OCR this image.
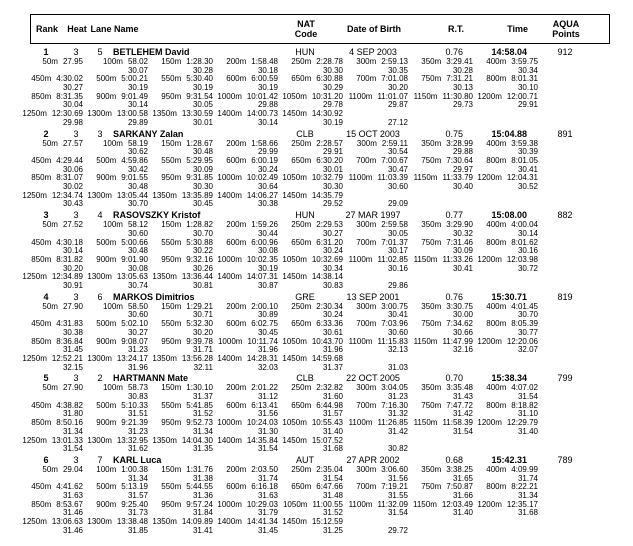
Rank	Heat Lane Name	NAT
Code	Date of Birth	R.T.	Time	AQUA
Points
1	3	5	BETLEHEM David	HUN	4 SEP 2003	0.76	14:58.04	912
50m 27.95 100m 58.02 150m 1:28.30 200m 1:58.48 250m 2:28.78 300m 2:59.13 350m 3:29.41 400m 3:59.75
30.07	30.28	30.18	30.30	30.35	30.28	30.34
450m 4:30.02 500m 5:00.21 550m 5:30.40 600m 6:00.59 650m 6:30.88 700m 7:01.08 750m 7:31.21 800m 8:01.31
30.27	30.19	30.19	30.19	30.29	30.20	30.13	30.10
850m 8:31.35 900m 9:01.49 950m 9:31.54 1000m 10:01.42 1050m 10:31.20 1100m 11:01.07 1150m 11:30.80 1200m 12:00.71
30.04	30.14	30.05	29.88	29.78	29.87	29.73	29.91
1250m 12:30.69 1300m 13:00.58 1350m 13:30.59 1400m 14:00.73 1450m 14:30.92
29.98	29.89	30.01	30.14	30.19	27.12
2	3	3	SARKANY Zalan	CLB	15 OCT 2003	0.75	15:04.88	891
50m 27.57 100m 58.19 150m 1:28.67 200m 1:58.66 250m 2:28.57 300m 2:59.11 350m 3:28.99 400m 3:59.38
30.62	30.48	29.99	29.91	30.54	29.88	30.39
450m 4:29.44 500m 4:59.86 550m 5:29.95 600m 6:00.19 650m 6:30.20 700m 7:00.67 750m 7:30.64 800m 8:01.05
30.06	30.42	30.09	30.24	30.01	30.47	29.97	30.41
850m 8:31.07 900m 9:01.55 950m 9:31.85 1000m 10:02.49 1050m 10:32.79 1100m 11:03.39 1150m 11:33.79 1200m 12:04.31
30.02	30.48	30.30	30.64	30.30	30.60	30.40	30.52
1250m 12:34.74 1300m 13:05.44 1350m 13:35.89 1400m 14:06.27 1450m 14:35.79
30.43	30.70	30.45	30.38	29.52	29.09
3	3	4	RASOVSZKY Kristof	HUN	27 MAR 1997	0.77	15:08.00	882
50m 27.52 100m 58.12 150m 1:28.82 200m 1:59.26 250m 2:29.53 300m 2:59.58 350m 3:29.90 400m 4:00.04
30.60	30.70	30.44	30.27	30.05	30.32	30.14
450m 4:30.18 500m 5:00.66 550m 5:30.88 600m 6:00.96 650m 6:31.20 700m 7:01.37 750m 7:31.46 800m 8:01.62
30.14	30.48	30.22	30.08	30.24	30.17	30.09	30.16
850m 8:31.82 900m 9:01.90 950m 9:32.16 1000m 10:02.35 1050m 10:32.69 1100m 11:02.85 1150m 11:33.26 1200m 12:03.98
30.20	30.08	30.26	30.19	30.34	30.16	30.41	30.72
1250m 12:34.89 1300m 13:05.63 1350m 13:36.44 1400m 14:07.31 1450m 14:38.14
30.91	30.74	30.81	30.87	30.83	29.86
4	3	6	MARKOS Dimitrios	GRE	13 SEP 2001	0.76	15:30.71	819
50m 27.90 100m 58.50 150m 1:29.21 200m 2:00.10 250m 2:30.34 300m 3:00.75 350m 3:30.75 400m 4:01.45
30.60	30.71	30.89	30.24	30.41	30.00	30.70
450m 4:31.83 500m 5:02.10 550m 5:32.30 600m 6:02.75 650m 6:33.36 700m 7:03.96 750m 7:34.62 800m 8:05.39
30.38	30.27	30.20	30.45	30.61	30.60	30.66	30.77
850m 8:36.84 900m 9:08.07 950m 9:39.78 1000m 10:11.74 1050m 10:43.70 1100m 11:15.83 1150m 11:47.99 1200m 12:20.06
31.45	31.23	31.71	31.96	31.96	32.13	32.16	32.07
1250m 12:52.21 1300m 13:24.17 1350m 13:56.28 1400m 14:28.31 1450m 14:59.68
32.15	31.96	32.11	32.03	31.37	31.03
5	3	2	HARTMANN Mate	CLB	22 OCT 2005	0.70	15:38.34	799
50m 27.90 100m 58.73 150m 1:30.10 200m 2:01.22 250m 2:32.82 300m 3:04.05 350m 3:35.48 400m 4:07.02
30.83	31.37	31.12	31.60	31.23	31.43	31.54
450m 4:38.82 500m 5:10.33 550m 5:41.85 600m 6:13.41 650m 6:44.98 700m 7:16.30 750m 7:47.72 800m 8:18.82
31.80	31.51	31.52	31.56	31.57	31.32	31.42	31.10
850m 8:50.16 900m 9:21.39 950m 9:52.73 1000m 10:24.03 1050m 10:55.43 1100m 11:26.85 1150m 11:58.39 1200m 12:29.79
31.34	31.23	31.34	31.30	31.40	31.42	31.54	31.40
1250m 13:01.33 1300m 13:32.95 1350m 14:04.30 1400m 14:35.84 1450m 15:07.52
31.54	31.62	31.35	31.54	31.68	30.82
6	3	7	KARL Luca	AUT	27 APR 2002	0.68	15:42.31	789
50m 29.04 100m 1:00.38 150m 1:31.76 200m 2:03.50 250m 2:35.04 300m 3:06.60 350m 3:38.25 400m 4:09.99
31.34	31.38	31.74	31.54	31.56	31.65	31.74
450m 4:41.62 500m 5:13.19 550m 5:44.55 600m 6:16.18 650m 6:47.66 700m 7:19.21 750m 7:50.87 800m 8:22.21
31.63	31.57	31.36	31.63	31.48	31.55	31.66	31.34
850m 8:53.67 900m 9:25.40 950m 9:57.24 1000m 10:29.03 1050m 11:00.55 1100m 11:32.09 1150m 12:03.49 1200m 12:35.17
31.46	31.73	31.84	31.79	31.52	31.54	31.40	31.68
1250m 13:06.63 1300m 13:38.48 1350m 14:09.89 1400m 14:41.34 1450m 15:12.59
31.46	31.85	31.41	31.45	31.25	29.72
